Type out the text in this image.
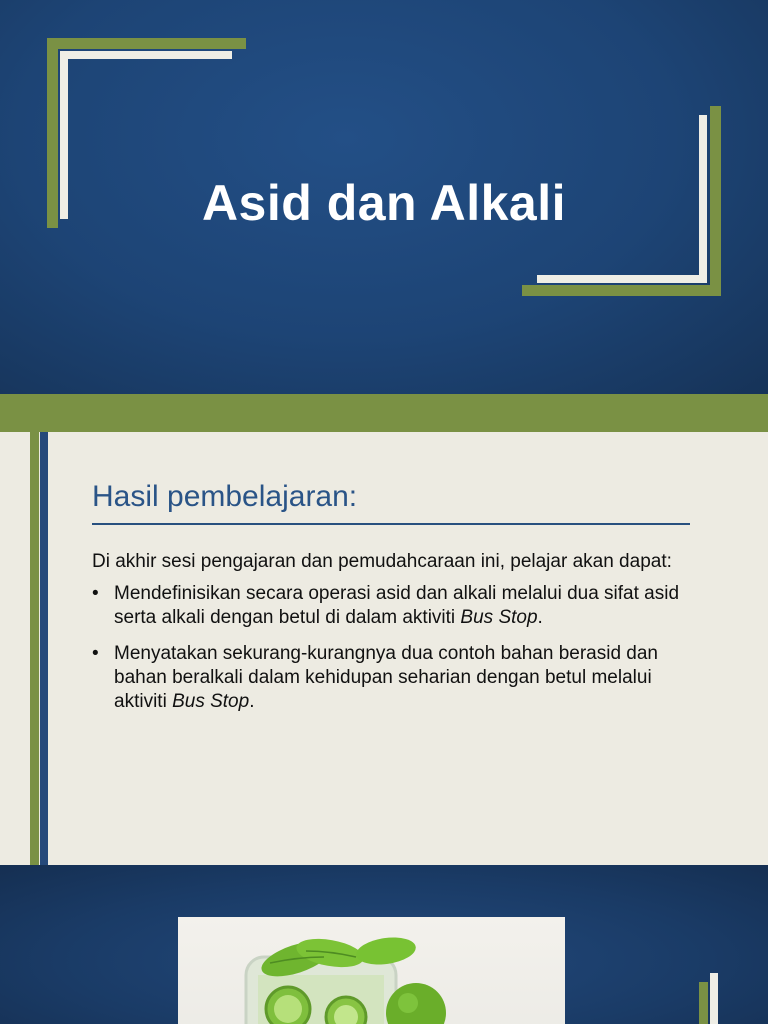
Asid dan Alkali
Hasil pembelajaran:

Di akhir sesi pengajaran dan pemudahcaraan ini, pelajar akan dapat:

• Mendefinisikan secara operasi asid dan alkali melalui dua sifat asid serta alkali dengan betul di dalam aktiviti Bus Stop.
• Menyatakan sekurang-kurangnya dua contoh bahan berasid dan bahan beralkali dalam kehidupan seharian dengan betul melalui aktiviti Bus Stop.
